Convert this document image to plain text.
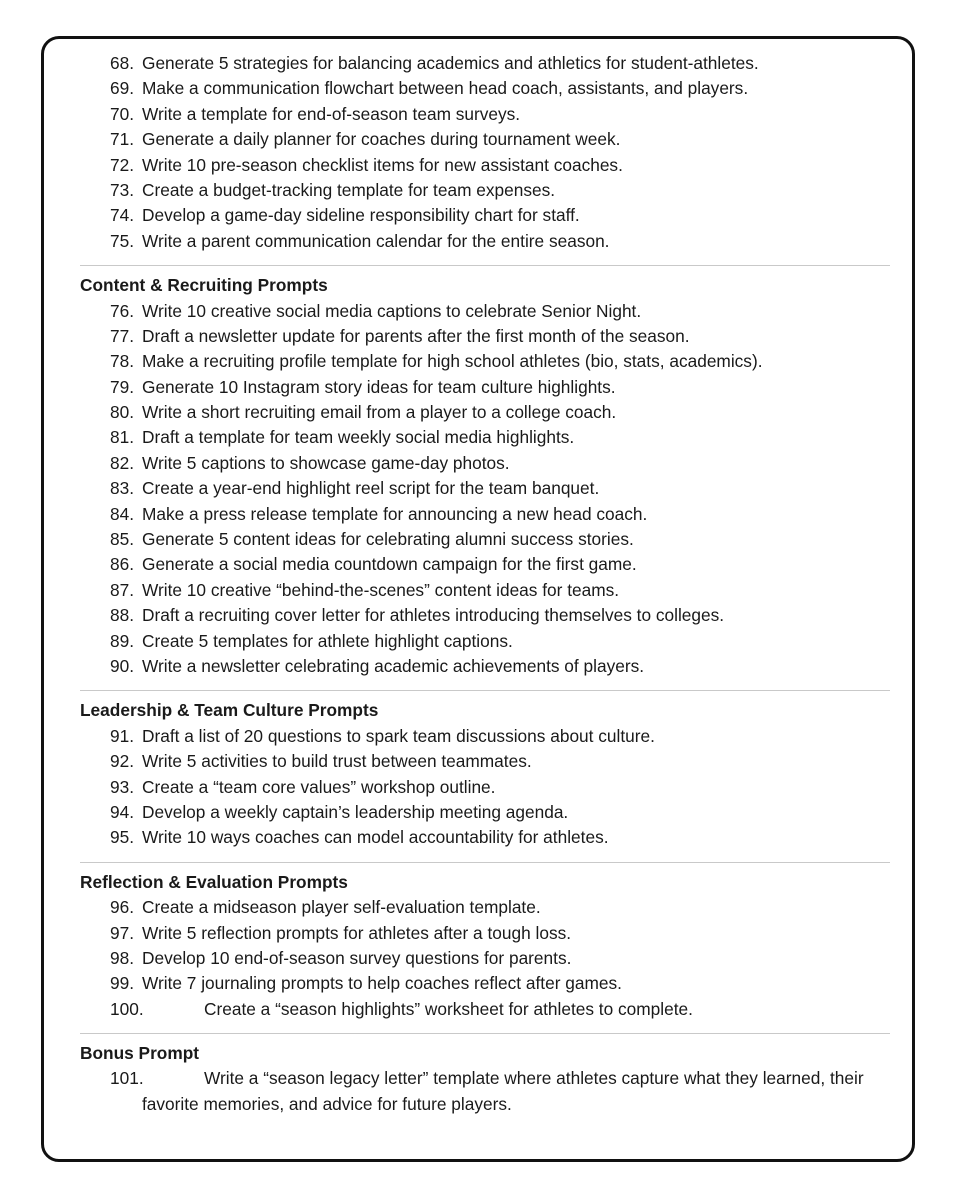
68. Generate 5 strategies for balancing academics and athletics for student-athletes.
69. Make a communication flowchart between head coach, assistants, and players.
70. Write a template for end-of-season team surveys.
71. Generate a daily planner for coaches during tournament week.
72. Write 10 pre-season checklist items for new assistant coaches.
73. Create a budget-tracking template for team expenses.
74. Develop a game-day sideline responsibility chart for staff.
75. Write a parent communication calendar for the entire season.
Content & Recruiting Prompts
76. Write 10 creative social media captions to celebrate Senior Night.
77. Draft a newsletter update for parents after the first month of the season.
78. Make a recruiting profile template for high school athletes (bio, stats, academics).
79. Generate 10 Instagram story ideas for team culture highlights.
80. Write a short recruiting email from a player to a college coach.
81. Draft a template for team weekly social media highlights.
82. Write 5 captions to showcase game-day photos.
83. Create a year-end highlight reel script for the team banquet.
84. Make a press release template for announcing a new head coach.
85. Generate 5 content ideas for celebrating alumni success stories.
86. Generate a social media countdown campaign for the first game.
87. Write 10 creative “behind-the-scenes” content ideas for teams.
88. Draft a recruiting cover letter for athletes introducing themselves to colleges.
89. Create 5 templates for athlete highlight captions.
90. Write a newsletter celebrating academic achievements of players.
Leadership & Team Culture Prompts
91. Draft a list of 20 questions to spark team discussions about culture.
92. Write 5 activities to build trust between teammates.
93. Create a “team core values” workshop outline.
94. Develop a weekly captain’s leadership meeting agenda.
95. Write 10 ways coaches can model accountability for athletes.
Reflection & Evaluation Prompts
96. Create a midseason player self-evaluation template.
97. Write 5 reflection prompts for athletes after a tough loss.
98. Develop 10 end-of-season survey questions for parents.
99. Write 7 journaling prompts to help coaches reflect after games.
100.	Create a “season highlights” worksheet for athletes to complete.
Bonus Prompt
101.	Write a “season legacy letter” template where athletes capture what they learned, their favorite memories, and advice for future players.
